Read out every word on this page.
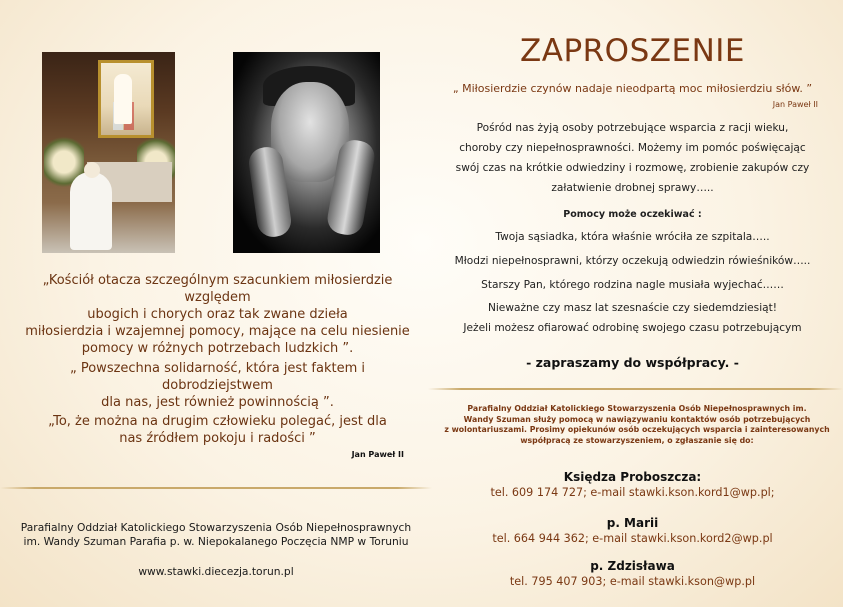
„Kościół otacza szczególnym szacunkiem miłosierdzie względem
ubogich i chorych oraz tak zwane dzieła
miłosierdzia i wzajemnej pomocy, mające na celu niesienie
pomocy w różnych potrzebach ludzkich ”.
„ Powszechna solidarność, która jest faktem i dobrodziejstwem
dla nas, jest również powinnością ”.
„To, że można na drugim człowieku polegać, jest dla
nas źródłem pokoju i radości ”
Jan Paweł II
Parafialny Oddział Katolickiego Stowarzyszenia Osób Niepełnosprawnych
im. Wandy Szuman Parafia p. w. Niepokalanego Poczęcia NMP w Toruniu
www.stawki.diecezja.torun.pl
ZAPROSZENIE
„ Miłosierdzie czynów nadaje nieodpartą moc miłosierdziu słów. ”
Jan Paweł II
Pośród nas żyją osoby potrzebujące wsparcia z racji wieku,
choroby czy niepełnosprawności. Możemy im pomóc poświęcając
swój czas na krótkie odwiedziny i rozmowę, zrobienie zakupów czy
załatwienie drobnej sprawy…..
Pomocy może oczekiwać :
Twoja sąsiadka, która właśnie wróciła ze szpitala…..
Młodzi niepełnosprawni, którzy oczekują odwiedzin rówieśników…..
Starszy Pan, którego rodzina nagle musiała wyjechać……
Nieważne czy masz lat szesnaście czy siedemdziesiąt!
Jeżeli możesz ofiarować odrobinę swojego czasu potrzebującym
- zapraszamy do współpracy. -
Parafialny Oddział Katolickiego Stowarzyszenia Osób Niepełnosprawnych im.
Wandy Szuman służy pomocą w nawiązywaniu kontaktów osób potrzebujących
z wolontariuszami. Prosimy opiekunów osób oczekujących wsparcia i zainteresowanych
współpracą ze stowarzyszeniem, o zgłaszanie się do:
Księdza Proboszcza:
tel. 609 174 727; e-mail stawki.kson.kord1@wp.pl;
p. Marii
tel. 664 944 362; e-mail stawki.kson.kord2@wp.pl
p. Zdzisława
tel. 795 407 903; e-mail stawki.kson@wp.pl
